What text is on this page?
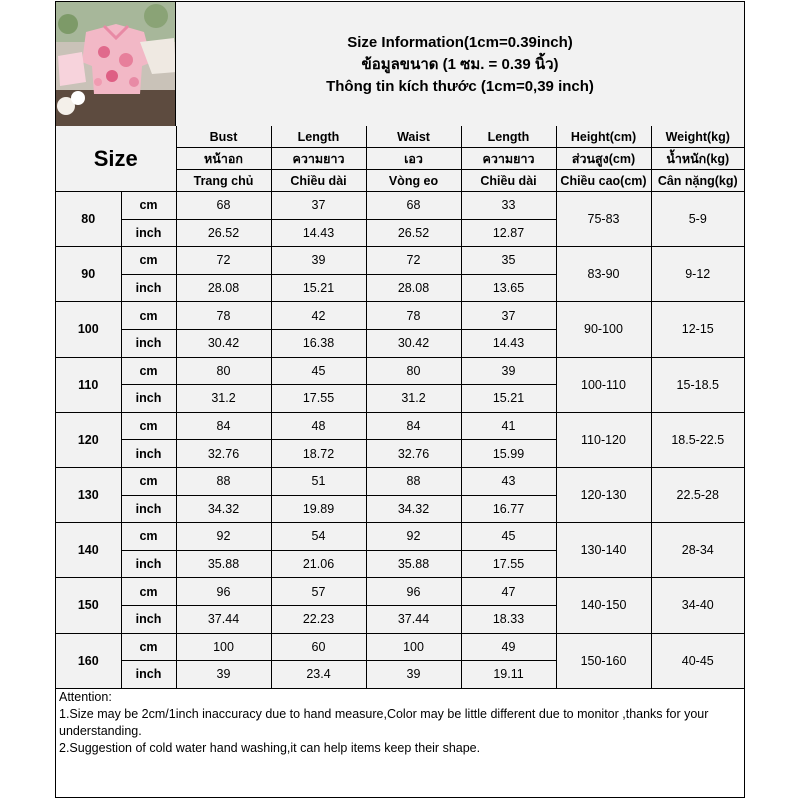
Size Information(1cm=0.39inch)
ข้อมูลขนาด (1 ซม. = 0.39 นิ้ว)
Thông tin kích thước (1cm=0,39 inch)
Size		Bust	Length	Waist	Length	Height(cm)	Weight(kg)
		หน้าอก	ความยาว	เอว	ความยาว	ส่วนสูง(cm)	น้ำหนัก(kg)
		Trang chủ	Chiều dài	Vòng eo	Chiều dài	Chiều cao(cm)	Cân nặng(kg)
80	cm	68	37	68	33	75-83	5-9
	inch	26.52	14.43	26.52	12.87		
90	cm	72	39	72	35	83-90	9-12
	inch	28.08	15.21	28.08	13.65		
100	cm	78	42	78	37	90-100	12-15
	inch	30.42	16.38	30.42	14.43		
110	cm	80	45	80	39	100-110	15-18.5
	inch	31.2	17.55	31.2	15.21		
120	cm	84	48	84	41	110-120	18.5-22.5
	inch	32.76	18.72	32.76	15.99		
130	cm	88	51	88	43	120-130	22.5-28
	inch	34.32	19.89	34.32	16.77		
140	cm	92	54	92	45	130-140	28-34
	inch	35.88	21.06	35.88	17.55		
150	cm	96	57	96	47	140-150	34-40
	inch	37.44	22.23	37.44	18.33		
160	cm	100	60	100	49	150-160	40-45
	inch	39	23.4	39	19.11		
Attention:
1.Size may be 2cm/1inch inaccuracy due to hand measure,Color may be little different due to monitor ,thanks for your understanding.
2.Suggestion of cold water hand washing,it can help items keep their shape.
